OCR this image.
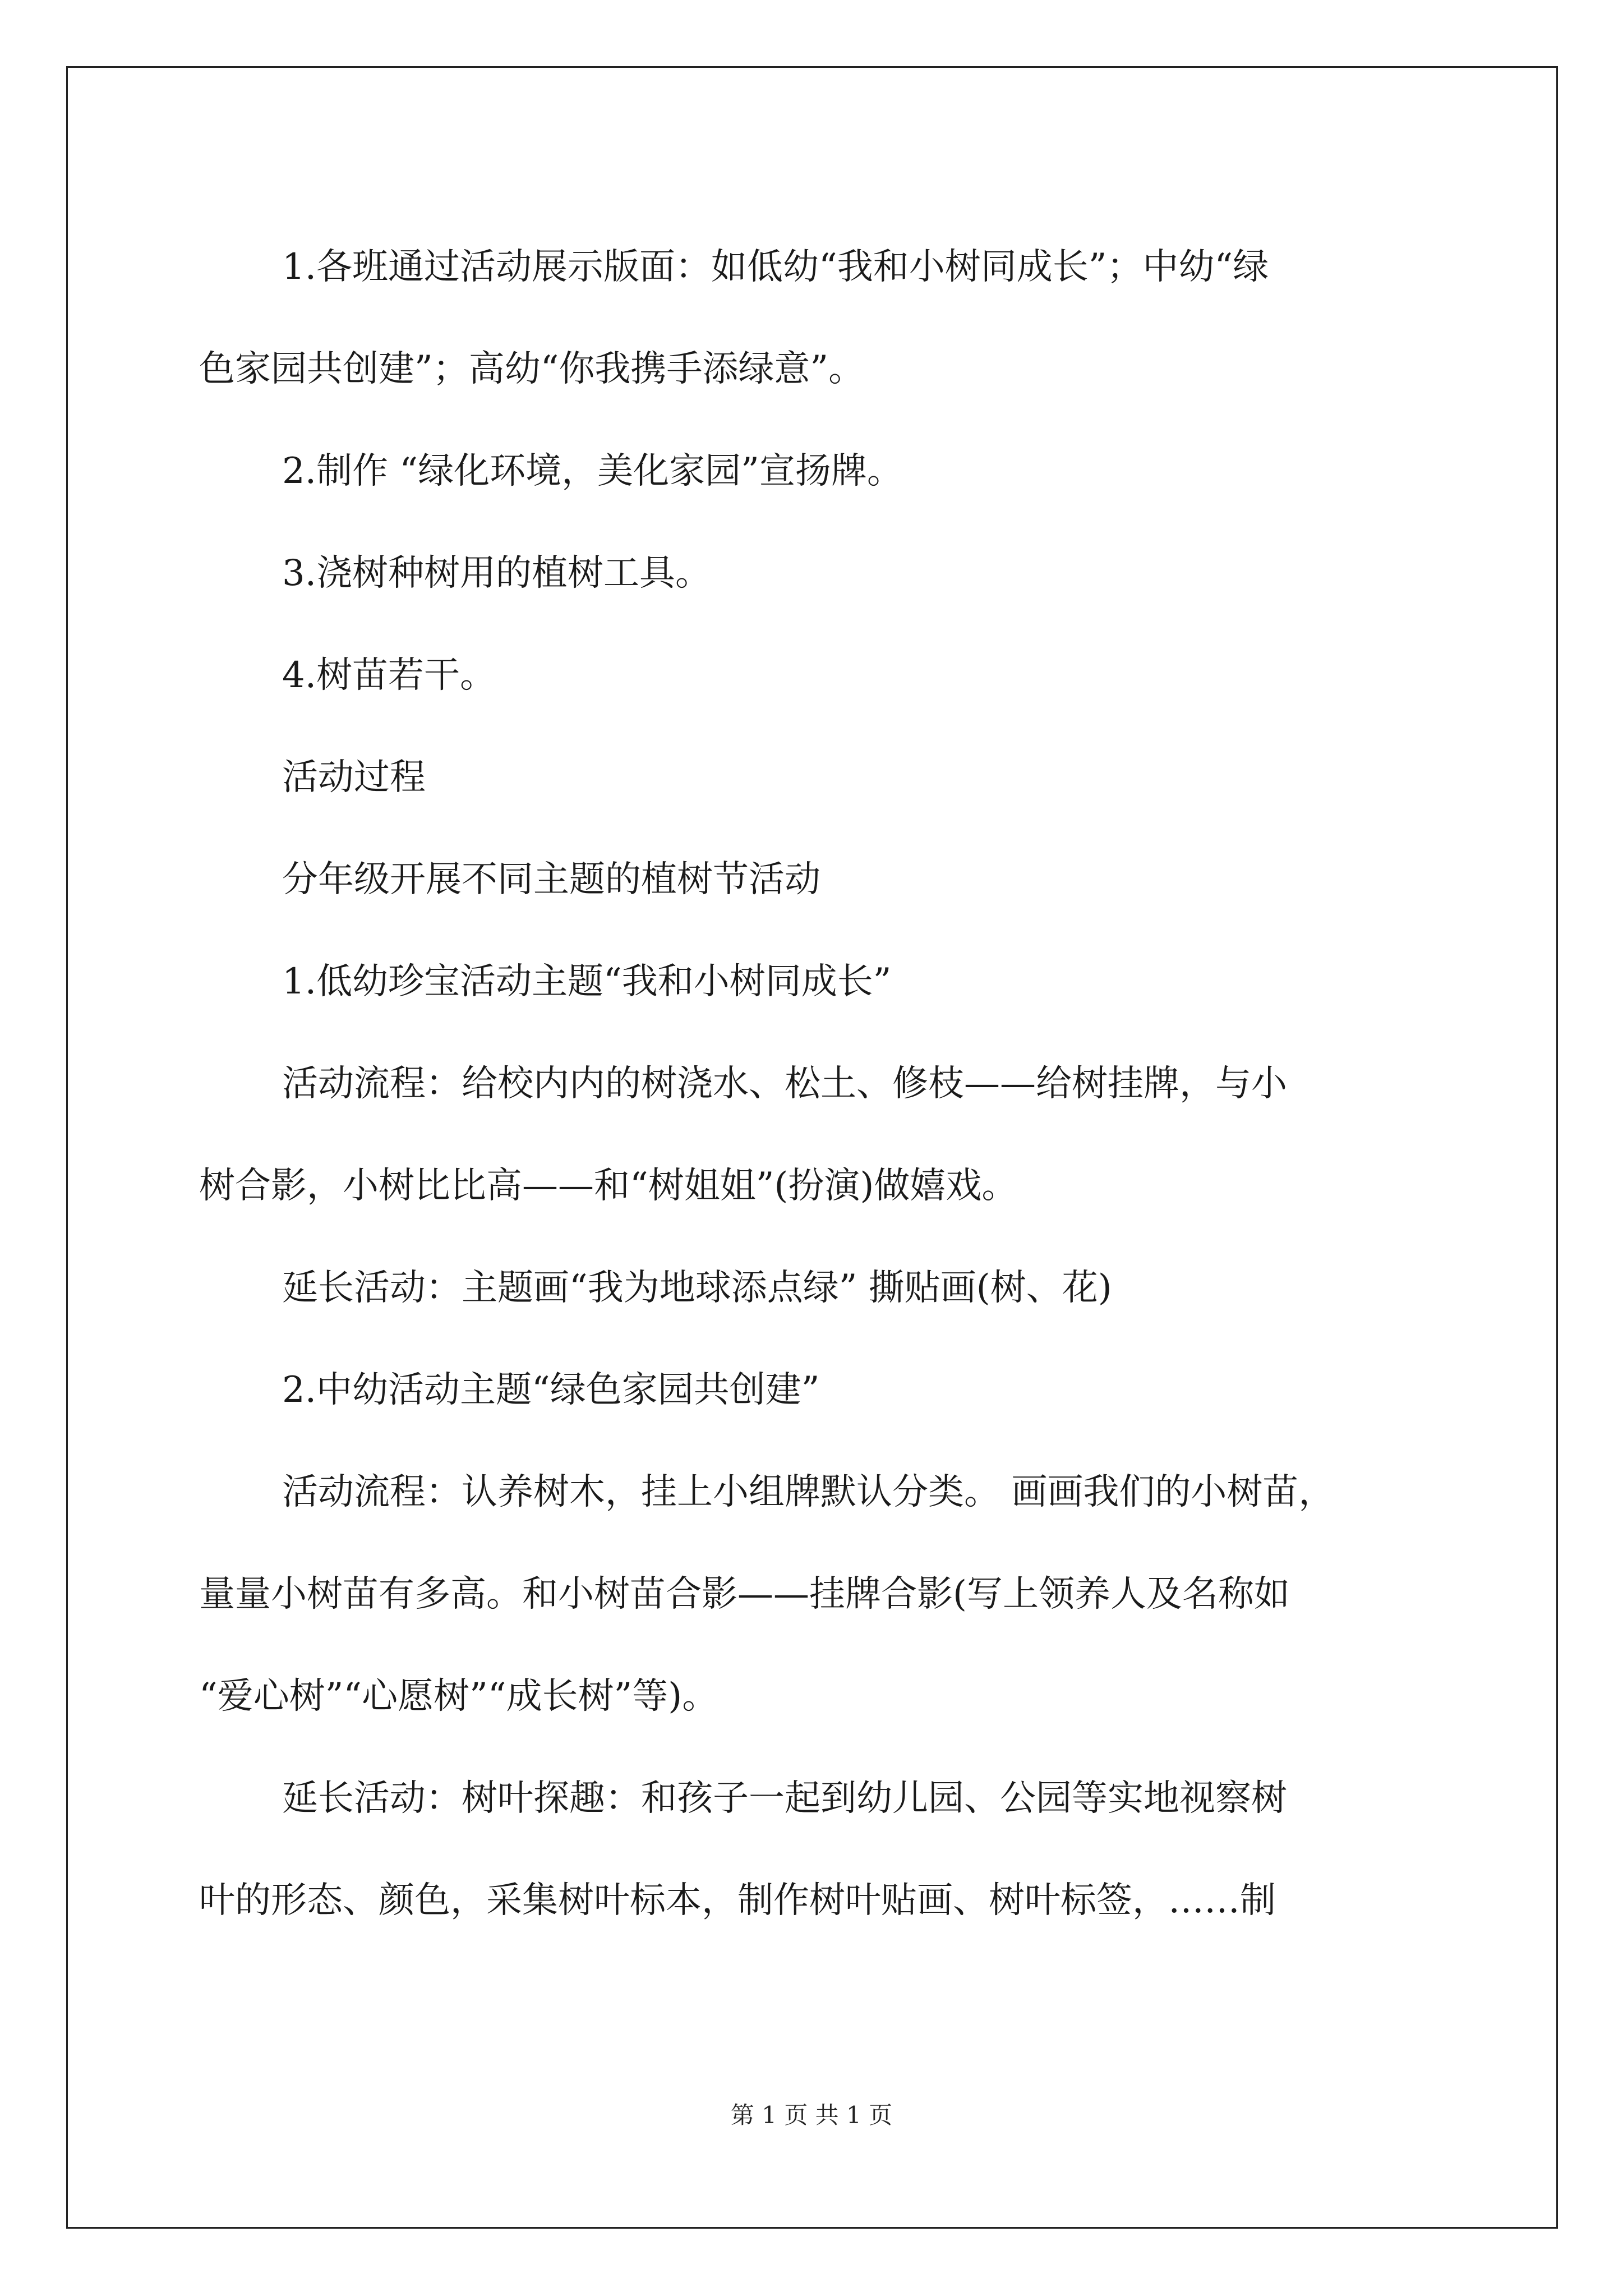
1.各班通过活动展示版面：如低幼“我和小树同成长”；中幼“绿

色家园共创建”；高幼“你我携手添绿意”。

2.制作 “绿化环境，美化家园”宣扬牌。

3.浇树种树用的植树工具。

4.树苗若干。

活动过程

分年级开展不同主题的植树节活动

1.低幼珍宝活动主题“我和小树同成长”

活动流程：给校内内的树浇水、松土、修枝——给树挂牌，与小

树合影，小树比比高——和“树姐姐”(扮演)做嬉戏。

延长活动：主题画“我为地球添点绿” 撕贴画(树、花)

2.中幼活动主题“绿色家园共创建”

活动流程：认养树木，挂上小组牌默认分类。 画画我们的小树苗，

量量小树苗有多高。和小树苗合影——挂牌合影(写上领养人及名称如

“爱心树”“心愿树”“成长树”等)。

延长活动：树叶探趣：和孩子一起到幼儿园、公园等实地视察树

叶的形态、颜色，采集树叶标本，制作树叶贴画、树叶标签，……制

第 1 页 共 1 页
